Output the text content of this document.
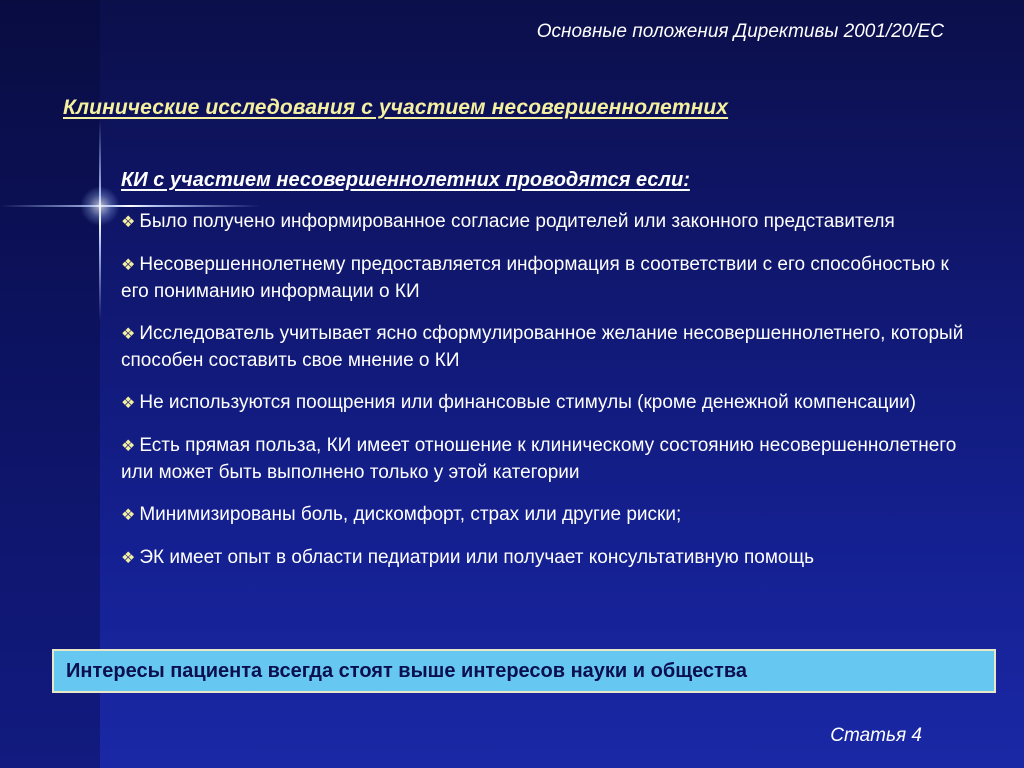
Основные положения Директивы 2001/20/ЕС
Клинические исследования с участием несовершеннолетних
КИ с участием несовершеннолетних проводятся если:
❖ Было получено информированное согласие родителей или законного представителя
❖ Несовершеннолетнему предоставляется информация в соответствии с его способностью к его пониманию информации о КИ
❖ Исследователь учитывает ясно сформулированное желание несовершеннолетнего, который способен составить свое мнение о КИ
❖ Не используются поощрения или финансовые стимулы (кроме денежной компенсации)
❖ Есть прямая польза, КИ имеет отношение к клиническому состоянию несовершеннолетнего или может быть выполнено только у этой категории
❖ Минимизированы боль, дискомфорт, страх или другие риски;
❖ ЭК имеет опыт в области педиатрии или получает консультативную помощь
Интересы пациента всегда стоят выше интересов науки и общества
Статья 4
